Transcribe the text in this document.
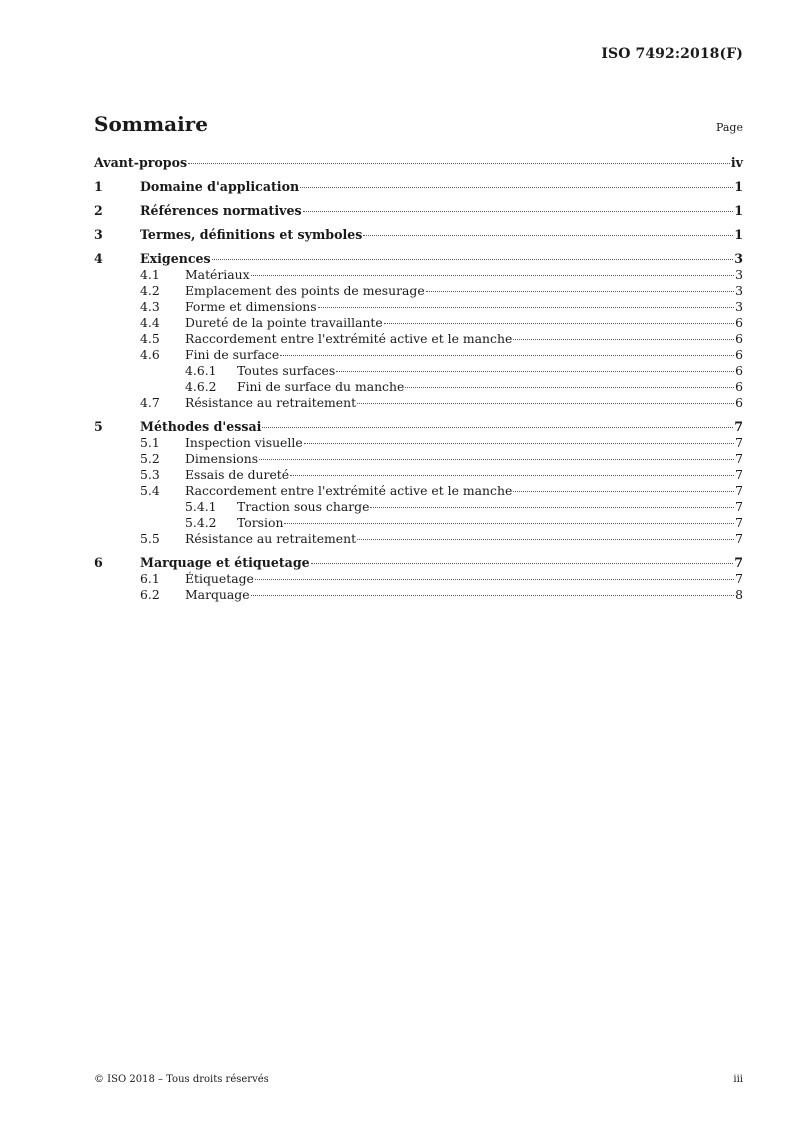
ISO 7492:2018(F)
Sommaire	Page
Avant-propos	iv
1	Domaine d'application	1
2	Références normatives	1
3	Termes, définitions et symboles	1
4	Exigences	3
4.1	Matériaux	3
4.2	Emplacement des points de mesurage	3
4.3	Forme et dimensions	3
4.4	Dureté de la pointe travaillante	6
4.5	Raccordement entre l'extrémité active et le manche	6
4.6	Fini de surface	6
4.6.1	Toutes surfaces	6
4.6.2	Fini de surface du manche	6
4.7	Résistance au retraitement	6
5	Méthodes d'essai	7
5.1	Inspection visuelle	7
5.2	Dimensions	7
5.3	Essais de dureté	7
5.4	Raccordement entre l'extrémité active et le manche	7
5.4.1	Traction sous charge	7
5.4.2	Torsion	7
5.5	Résistance au retraitement	7
6	Marquage et étiquetage	7
6.1	Étiquetage	7
6.2	Marquage	8
© ISO 2018 – Tous droits réservés	iii
